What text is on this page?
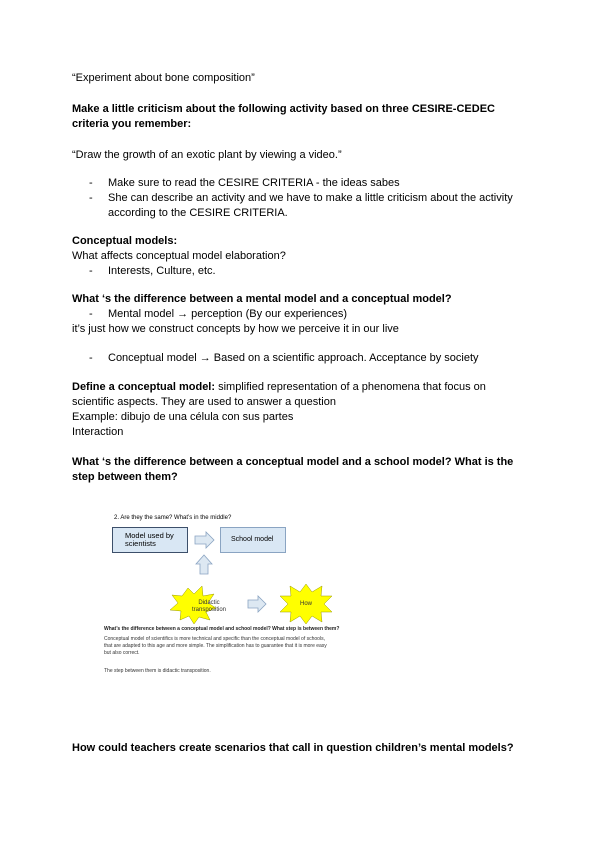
“Experiment about bone composition”
Make a little criticism about the following activity based on three CESIRE-CEDEC
criteria you remember:
“Draw the growth of an exotic plant by viewing a video.”
- Make sure to read the CESIRE CRITERIA - the ideas sabes
- She can describe an activity and we have to make a little criticism about the activity
according to the CESIRE CRITERIA.
Conceptual models:
What affects conceptual model elaboration?
- Interests, Culture, etc.
What ‘s the difference between a mental model and a conceptual model?
- Mental model → perception (By our experiences)
it’s just how we construct concepts by how we perceive it in our live
- Conceptual model → Based on a scientific approach. Acceptance by society
Define a conceptual model: simplified representation of a phenomena that focus on
scientific aspects. They are used to answer a question
Example: dibujo de una célula con sus partes
Interaction
What ‘s the difference between a conceptual model and a school model? What is the
step between them?
2. Are they the same? What’s in the middle?
Model used by scientists	School model
Didactic transposition
How
What’s the difference between a conceptual model and school model? What step is between them?
Conceptual model of scientifics is more technical and specific than the conceptual model of schools,
that are adapted to this age and more simple. The simplification has to guarantee that it is more easy
but also correct.
The step between them is didactic transposition.
How could teachers create scenarios that call in question children’s mental models?
